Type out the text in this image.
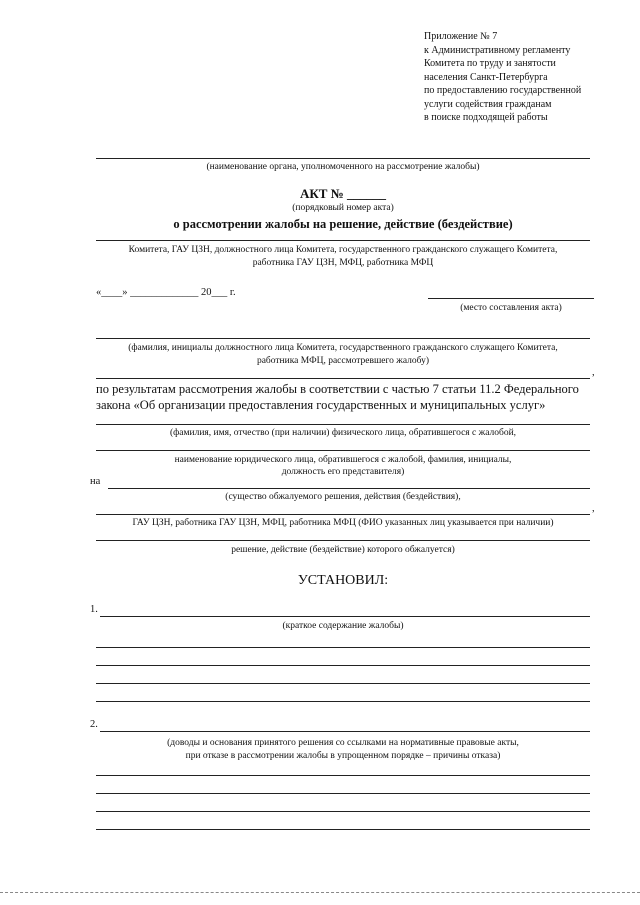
Приложение № 7
к Административному регламенту
Комитета по труду и занятости
населения Санкт-Петербурга
по предоставлению государственной
услуги содействия гражданам
в поиске подходящей работы
(наименование органа, уполномоченного на рассмотрение жалобы)
АКТ № ______
(порядковый номер акта)
о рассмотрении жалобы на решение, действие (бездействие)
Комитета, ГАУ ЦЗН, должностного лица Комитета, государственного гражданского служащего Комитета,
работника ГАУ ЦЗН, МФЦ, работника МФЦ
«____» _____________ 20___ г.
(место составления акта)
(фамилия, инициалы должностного лица Комитета, государственного гражданского служащего Комитета,
работника МФЦ, рассмотревшего жалобу)
,
по результатам рассмотрения жалобы в соответствии с частью 7 статьи 11.2 Федерального
закона «Об организации предоставления государственных и муниципальных услуг»
(фамилия, имя, отчество (при наличии) физического лица, обратившегося с жалобой,
наименование юридического лица, обратившегося с жалобой, фамилия, инициалы,
должность его представителя)
на
(существо обжалуемого решения, действия (бездействия),
,
ГАУ ЦЗН, работника ГАУ ЦЗН, МФЦ, работника МФЦ (ФИО указанных лиц указывается при наличии)
решение, действие (бездействие) которого обжалуется)
УСТАНОВИЛ:
1.
(краткое содержание жалобы)
2.
(доводы и основания принятого решения со ссылками на нормативные правовые акты,
при отказе в рассмотрении жалобы в упрощенном порядке – причины отказа)
